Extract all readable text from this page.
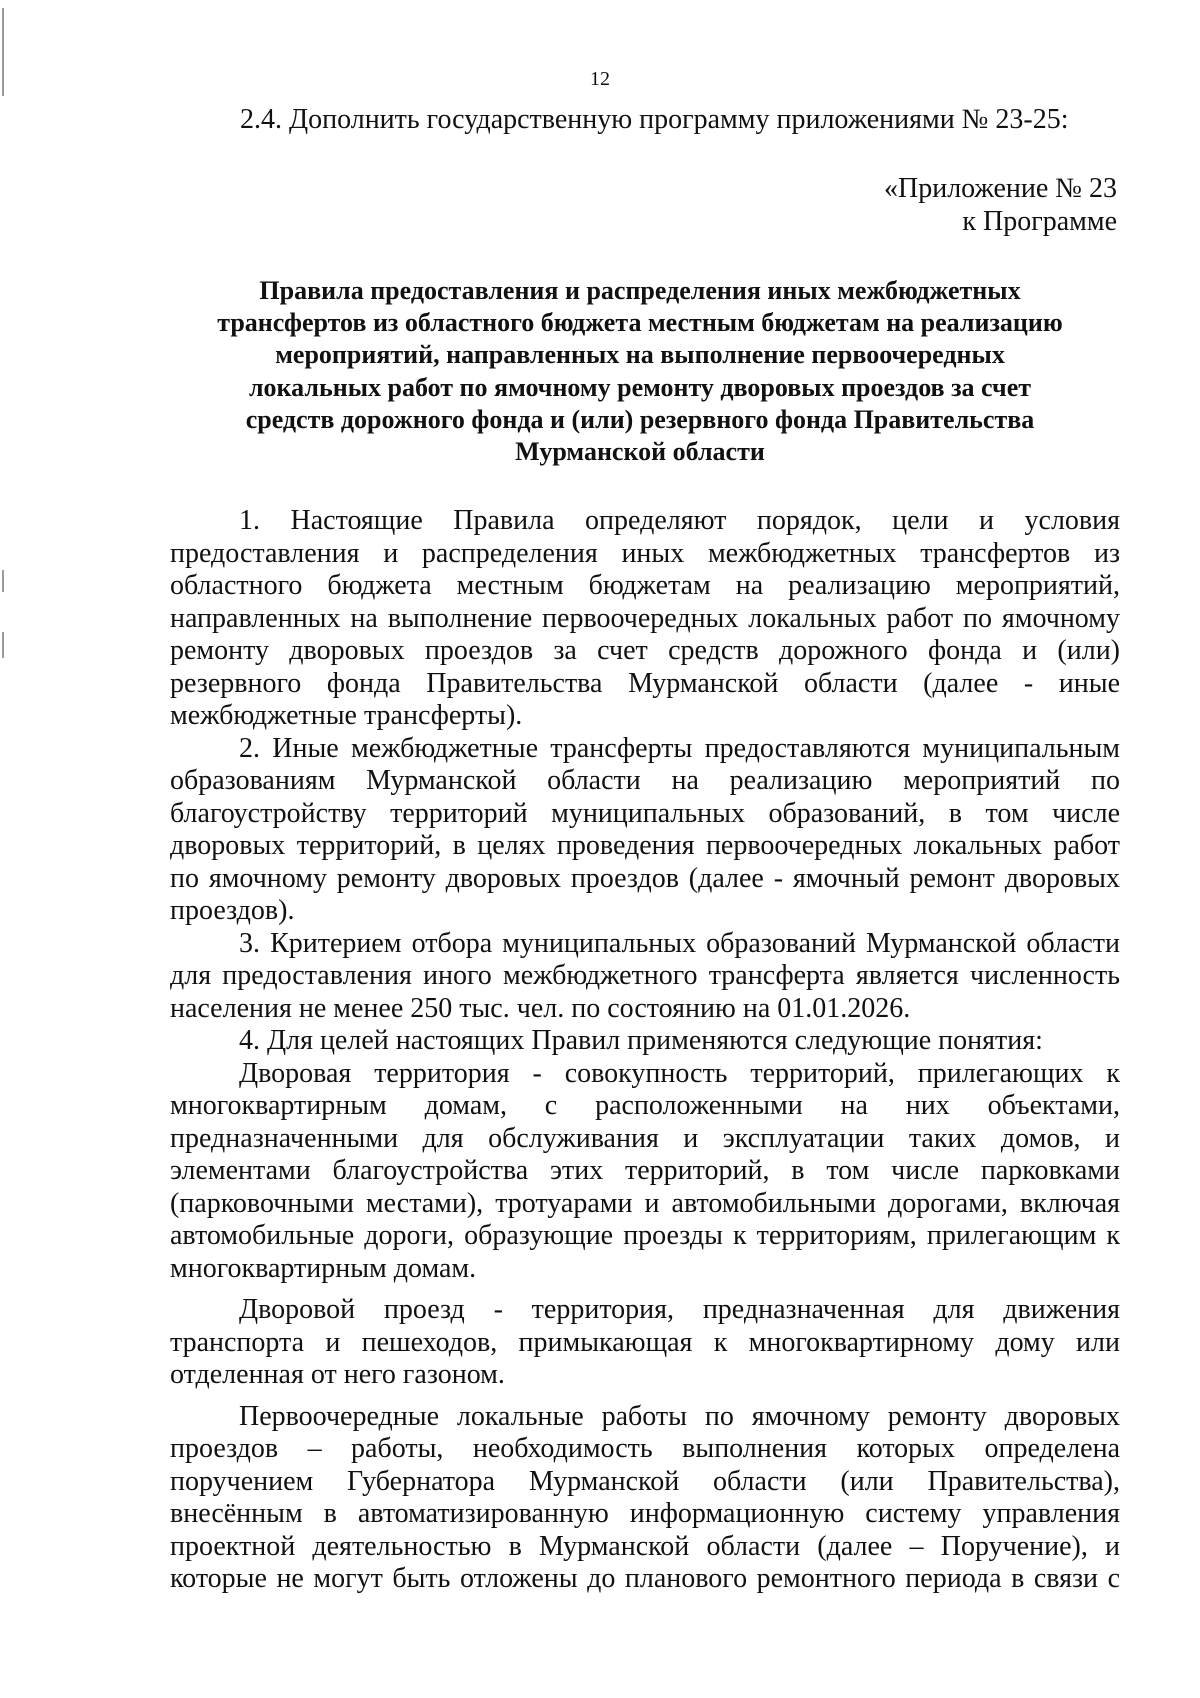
12
2.4. Дополнить государственную программу приложениями № 23-25:
«Приложение № 23
к Программе
Правила предоставления и распределения иных межбюджетных
трансфертов из областного бюджета местным бюджетам на реализацию
мероприятий, направленных на выполнение первоочередных
локальных работ по ямочному ремонту дворовых проездов за счет
средств дорожного фонда и (или) резервного фонда Правительства
Мурманской области
1. Настоящие Правила определяют порядок, цели и условия
предоставления и распределения иных межбюджетных трансфертов из
областного бюджета местным бюджетам на реализацию мероприятий,
направленных на выполнение первоочередных локальных работ по ямочному
ремонту дворовых проездов за счет средств дорожного фонда и (или)
резервного фонда Правительства Мурманской области (далее - иные
межбюджетные трансферты).
2. Иные межбюджетные трансферты предоставляются муниципальным
образованиям Мурманской области на реализацию мероприятий по
благоустройству территорий муниципальных образований, в том числе
дворовых территорий, в целях проведения первоочередных локальных работ
по ямочному ремонту дворовых проездов (далее - ямочный ремонт дворовых
проездов).
3. Критерием отбора муниципальных образований Мурманской области
для предоставления иного межбюджетного трансферта является численность
населения не менее 250 тыс. чел. по состоянию на 01.01.2026.
4. Для целей настоящих Правил применяются следующие понятия:
Дворовая территория - совокупность территорий, прилегающих к
многоквартирным домам, с расположенными на них объектами,
предназначенными для обслуживания и эксплуатации таких домов, и
элементами благоустройства этих территорий, в том числе парковками
(парковочными местами), тротуарами и автомобильными дорогами, включая
автомобильные дороги, образующие проезды к территориям, прилегающим к
многоквартирным домам.
Дворовой проезд - территория, предназначенная для движения
транспорта и пешеходов, примыкающая к многоквартирному дому или
отделенная от него газоном.
Первоочередные локальные работы по ямочному ремонту дворовых
проездов – работы, необходимость выполнения которых определена
поручением Губернатора Мурманской области (или Правительства),
внесённым в автоматизированную информационную систему управления
проектной деятельностью в Мурманской области (далее – Поручение), и
которые не могут быть отложены до планового ремонтного периода в связи с
